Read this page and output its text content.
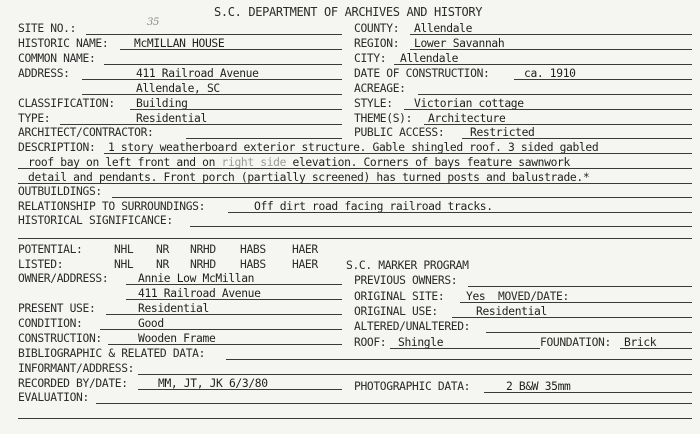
S.C. DEPARTMENT OF ARCHIVES AND HISTORY
35
SITE NO.:
HISTORIC NAME: McMILLAN HOUSE
COMMON NAME:
ADDRESS:	411 Railroad Avenue
Allendale, SC
CLASSIFICATION: Building
TYPE:	Residential
ARCHITECT/CONTRACTOR:
COUNTY: Allendale
REGION: Lower Savannah
CITY: Allendale
DATE OF CONSTRUCTION:	ca. 1910
ACREAGE:
STYLE: Victorian cottage
THEME(S): Architecture
PUBLIC ACCESS: Restricted
DESCRIPTION: 1 story weatherboard exterior structure. Gable shingled roof. 3 sided gabled
roof bay on left front and on right side elevation. Corners of bays feature sawnwork
detail and pendants. Front porch (partially screened) has turned posts and balustrade.*
OUTBUILDINGS:
RELATIONSHIP TO SURROUNDINGS:	Off dirt road facing railroad tracks.
HISTORICAL SIGNIFICANCE:
POTENTIAL:	NHL NR NRHD HABS HAER
LISTED:	NHL NR NRHD HABS HAER S.C. MARKER PROGRAM
OWNER/ADDRESS:	Annie Low McMillan
411 Railroad Avenue
PREVIOUS OWNERS:
ORIGINAL SITE: Yes MOVED/DATE:
PRESENT USE:	Residential	ORIGINAL USE:	Residential
CONDITION:	Good	ALTERED/UNALTERED:
CONSTRUCTION:	Wooden Frame	ROOF: Shingle	FOUNDATION: Brick
BIBLIOGRAPHIC & RELATED DATA:
INFORMANT/ADDRESS:
RECORDED BY/DATE:	MM, JT, JK 6/3/80	PHOTOGRAPHIC DATA:	2 B&W 35mm
EVALUATION:
